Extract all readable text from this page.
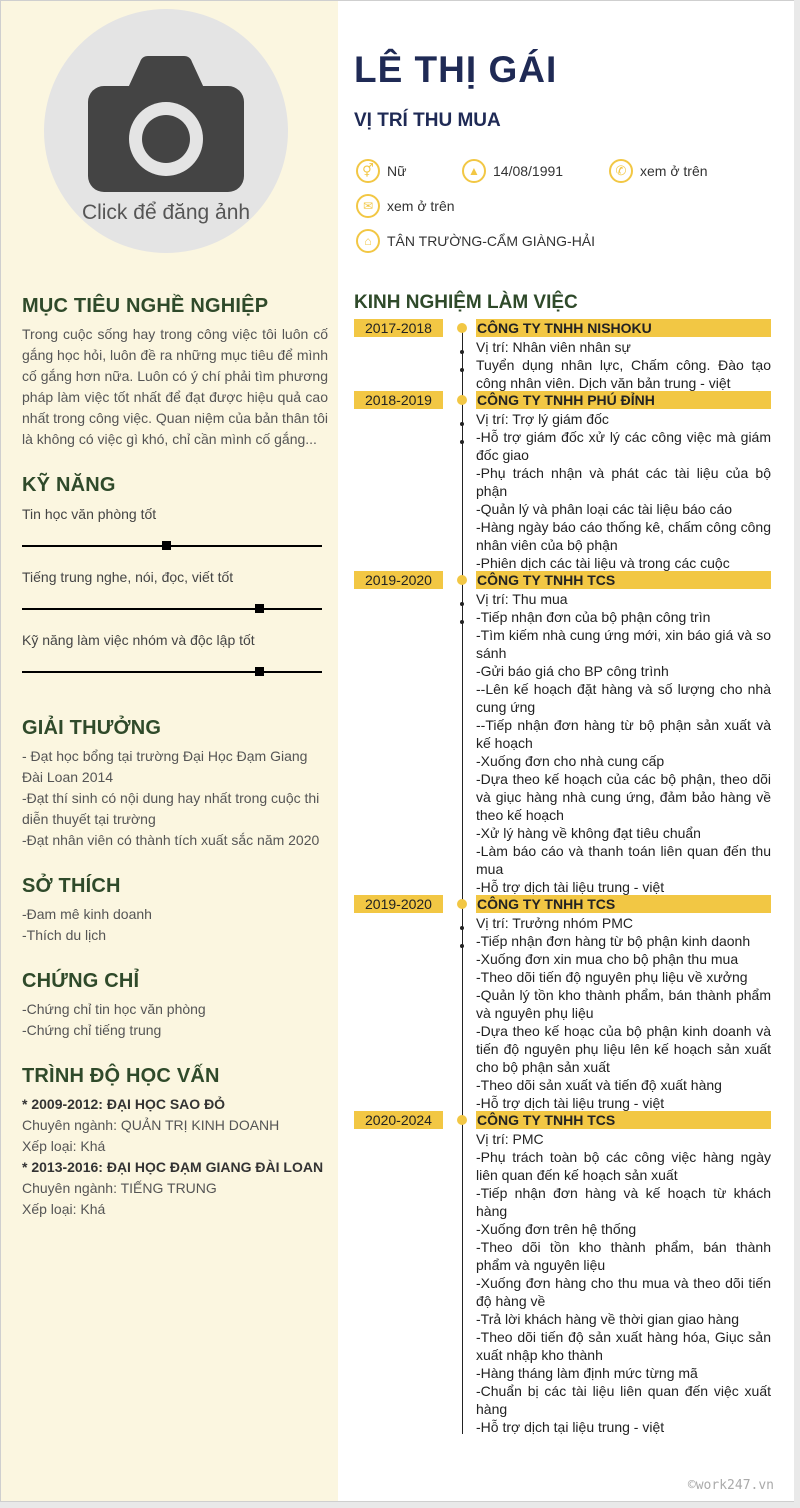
Click để đăng ảnh
MỤC TIÊU NGHỀ NGHIỆP
Trong cuộc sống hay trong công việc tôi luôn cố gắng học hỏi, luôn đề ra những mục tiêu để mình cố gắng hơn nữa. Luôn có ý chí phải tìm phương pháp làm việc tốt nhất để đạt được hiệu quả cao nhất trong công việc. Quan niệm của bản thân tôi là không có việc gì khó, chỉ cần mình cố gắng...
KỸ NĂNG
Tin học văn phòng tốt
Tiếng trung nghe, nói, đọc, viết tốt
Kỹ năng làm việc nhóm và độc lập tốt
GIẢI THƯỞNG
- Đạt học bổng tại trường Đại Học Đạm Giang Đài Loan 2014
-Đạt thí sinh có nội dung hay nhất trong cuộc thi diễn thuyết tại trường
-Đạt nhân viên có thành tích xuất sắc năm 2020
SỞ THÍCH
-Đam mê kinh doanh
-Thích du lịch
CHỨNG CHỈ
-Chứng chỉ tin học văn phòng
-Chứng chỉ tiếng trung
TRÌNH ĐỘ HỌC VẤN
* 2009-2012: ĐẠI HỌC SAO ĐỎ
Chuyên ngành: QUẢN TRỊ KINH DOANH
Xếp loại: Khá
* 2013-2016: ĐẠI HỌC ĐẠM GIANG ĐÀI LOAN
Chuyên ngành: TIẾNG TRUNG
Xếp loại: Khá
LÊ THỊ GÁI
VỊ TRÍ THU MUA
⚥ Nữ	▲ 14/08/1991	✆ xem ở trên
✉ xem ở trên
⌂ TÂN TRƯỜNG-CẨM GIÀNG-HẢI
KINH NGHIỆM LÀM VIỆC
2017-2018	CÔNG TY TNHH NISHOKU
Vị trí: Nhân viên nhân sự
Tuyển dụng nhân lực, Chấm công. Đào tạo công nhân viên. Dịch văn bản trung - việt
2018-2019	CÔNG TY TNHH PHÚ ĐỈNH
Vị trí: Trợ lý giám đốc
-Hỗ trợ giám đốc xử lý các công việc mà giám đốc giao
-Phụ trách nhận và phát các tài liệu của bộ phận
-Quản lý và phân loại các tài liệu báo cáo
-Hàng ngày báo cáo thống kê, chấm công công nhân viên của bộ phận
-Phiên dịch các tài liệu và trong các cuộc
2019-2020	CÔNG TY TNHH TCS
Vị trí: Thu mua
-Tiếp nhận đơn của bộ phận công trìn
-Tìm kiếm nhà cung ứng mới, xin báo giá và so sánh
-Gửi báo giá cho BP công trình
--Lên kế hoạch đặt hàng và số lượng cho nhà cung ứng
--Tiếp nhận đơn hàng từ bộ phận sản xuất và kế hoạch
-Xuống đơn cho nhà cung cấp
-Dựa theo kế hoạch của các bộ phận, theo dõi và giục hàng nhà cung ứng, đảm bảo hàng về theo kế hoạch
-Xử lý hàng về không đạt tiêu chuẩn
-Làm báo cáo và thanh toán liên quan đến thu mua
-Hỗ trợ dịch tài liệu trung - việt
2019-2020	CÔNG TY TNHH TCS
Vị trí: Trưởng nhóm PMC
-Tiếp nhận đơn hàng từ bộ phận kinh daonh
-Xuống đơn xin mua cho bộ phận thu mua
-Theo dõi tiến độ nguyên phụ liệu về xưởng
-Quản lý tồn kho thành phẩm, bán thành phẩm và nguyên phụ liệu
-Dựa theo kế hoạc của bộ phận kinh doanh và tiến độ nguyên phụ liệu lên kế hoạch sản xuất cho bộ phận sản xuất
-Theo dõi sản xuất và tiến độ xuất hàng
-Hỗ trợ dịch tài liệu trung - việt
2020-2024	CÔNG TY TNHH TCS
Vị trí: PMC
-Phụ trách toàn bộ các công việc hàng ngày liên quan đến kế hoạch sản xuất
-Tiếp nhận đơn hàng và kế hoạch từ khách hàng
-Xuống đơn trên hệ thống
-Theo dõi tồn kho thành phẩm, bán thành phẩm và nguyên liệu
-Xuống đơn hàng cho thu mua và theo dõi tiến độ hàng về
-Trả lời khách hàng về thời gian giao hàng
-Theo dõi tiến độ sản xuất hàng hóa, Giục sản xuất nhập kho thành
-Hàng tháng làm định mức từng mã
-Chuẩn bị các tài liệu liên quan đến việc xuất hàng
-Hỗ trợ dịch tại liệu trung - việt
©work247.vn
